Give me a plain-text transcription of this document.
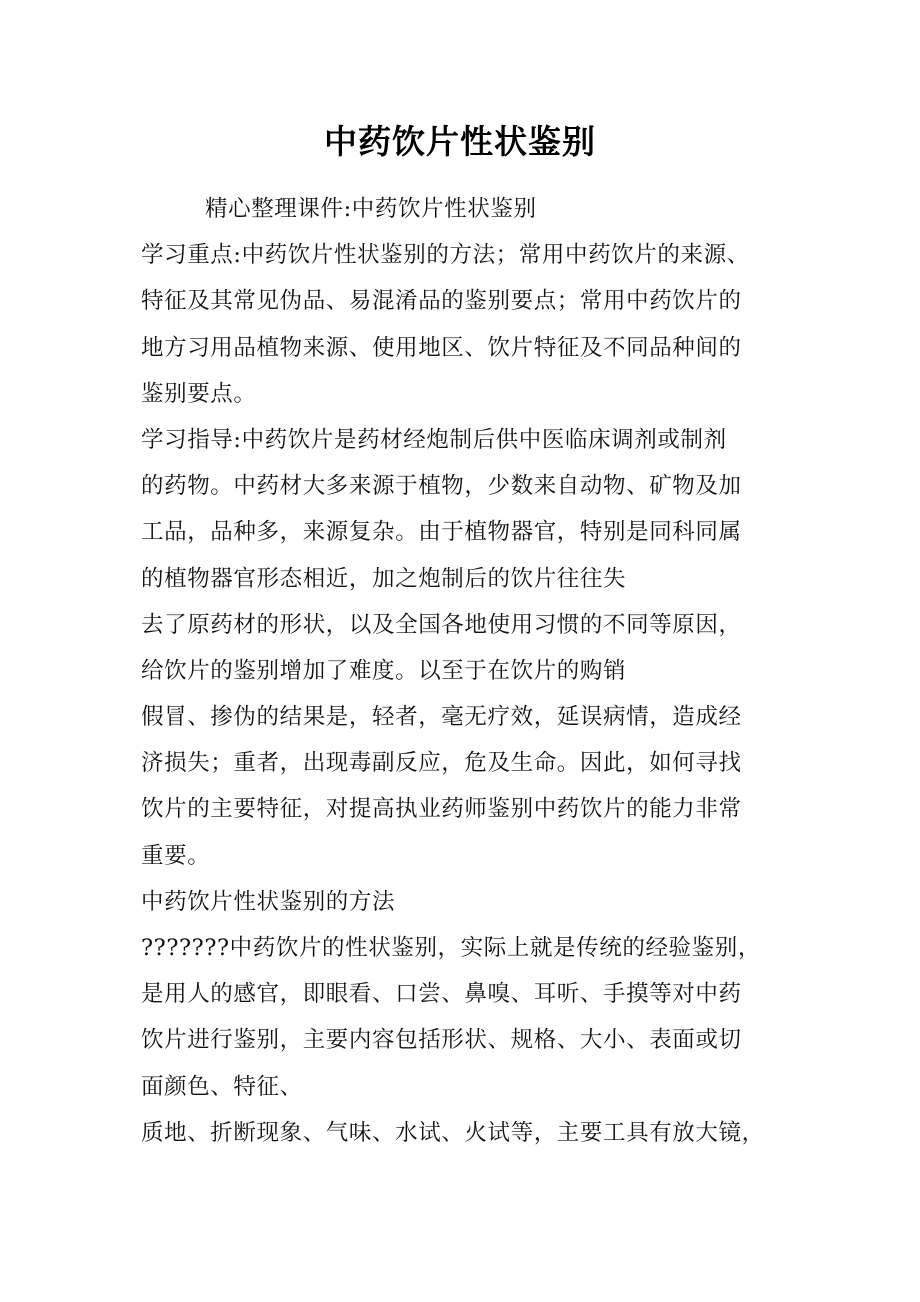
中药饮片性状鉴别
精心整理课件:中药饮片性状鉴别
学习重点:中药饮片性状鉴别的方法；常用中药饮片的来源、
特征及其常见伪品、易混淆品的鉴别要点；常用中药饮片的
地方习用品植物来源、使用地区、饮片特征及不同品种间的
鉴别要点。
学习指导:中药饮片是药材经炮制后供中医临床调剂或制剂
的药物。中药材大多来源于植物，少数来自动物、矿物及加
工品，品种多，来源复杂。由于植物器官，特别是同科同属
的植物器官形态相近，加之炮制后的饮片往往失
去了原药材的形状，以及全国各地使用习惯的不同等原因，
给饮片的鉴别增加了难度。以至于在饮片的购销
假冒、掺伪的结果是，轻者，毫无疗效，延误病情，造成经
济损失；重者，出现毒副反应，危及生命。因此，如何寻找
饮片的主要特征，对提高执业药师鉴别中药饮片的能力非常
重要。
中药饮片性状鉴别的方法
???????中药饮片的性状鉴别，实际上就是传统的经验鉴别，
是用人的感官，即眼看、口尝、鼻嗅、耳听、手摸等对中药
饮片进行鉴别，主要内容包括形状、规格、大小、表面或切
面颜色、特征、
质地、折断现象、气味、水试、火试等，主要工具有放大镜，
